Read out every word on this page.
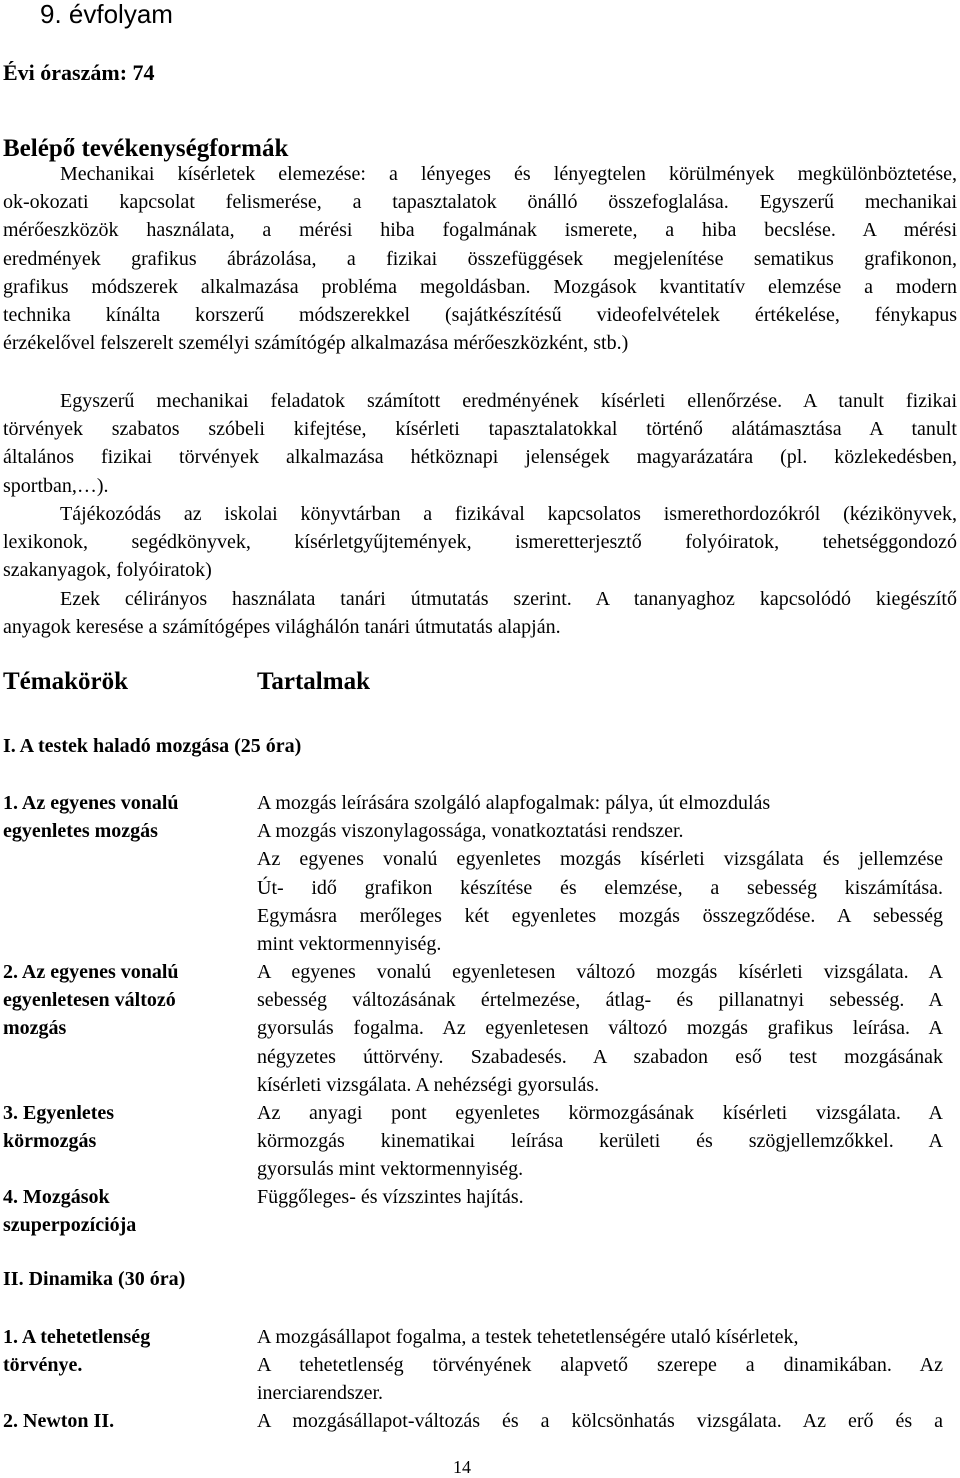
9. évfolyam
Évi óraszám: 74
Belépő tevékenységformák
Mechanikai kísérletek elemezése: a lényeges és lényegtelen körülmények megkülönböztetése,
ok-okozati kapcsolat felismerése, a tapasztalatok önálló összefoglalása. Egyszerű mechanikai
mérőeszközök használata, a mérési hiba fogalmának ismerete, a hiba becslése. A mérési
eredmények grafikus ábrázolása, a fizikai összefüggések megjelenítése sematikus grafikonon,
grafikus módszerek alkalmazása probléma megoldásban. Mozgások kvantitatív elemzése a modern
technika kínálta korszerű módszerekkel (sajátkészítésű videofelvételek értékelése, fénykapus
érzékelővel felszerelt személyi számítógép alkalmazása mérőeszközként, stb.)
Egyszerű mechanikai feladatok számított eredményének kísérleti ellenőrzése. A tanult fizikai
törvények szabatos szóbeli kifejtése, kísérleti tapasztalatokkal történő alátámasztása A tanult
általános fizikai törvények alkalmazása hétköznapi jelenségek magyarázatára (pl. közlekedésben,
sportban,…).
Tájékozódás az iskolai könyvtárban a fizikával kapcsolatos ismerethordozókról (kézikönyvek,
lexikonok, segédkönyvek, kísérletgyűjtemények, ismeretterjesztő folyóiratok, tehetséggondozó
szakanyagok, folyóiratok)
Ezek célirányos használata tanári útmutatás szerint. A tananyaghoz kapcsolódó kiegészítő
anyagok keresése a számítógépes világhálón tanári útmutatás alapján.
Témakörök	Tartalmak
I. A testek haladó mozgása (25 óra)
1. Az egyenes vonalú
egyenletes mozgás
A mozgás leírására szolgáló alapfogalmak: pálya, út elmozdulás
A mozgás viszonylagossága, vonatkoztatási rendszer.
Az egyenes vonalú egyenletes mozgás kísérleti vizsgálata és jellemzése
Út- idő grafikon készítése és elemzése, a sebesség kiszámítása.
Egymásra merőleges két egyenletes mozgás összegződése. A sebesség
mint vektormennyiség.
2. Az egyenes vonalú
egyenletesen változó
mozgás
A egyenes vonalú egyenletesen változó mozgás kísérleti vizsgálata. A
sebesség változásának értelmezése, átlag- és pillanatnyi sebesség. A
gyorsulás fogalma. Az egyenletesen változó mozgás grafikus leírása. A
négyzetes úttörvény. Szabadesés. A szabadon eső test mozgásának
kísérleti vizsgálata. A nehézségi gyorsulás.
3. Egyenletes
körmozgás
Az anyagi pont egyenletes körmozgásának kísérleti vizsgálata. A
körmozgás kinematikai leírása kerületi és szögjellemzőkkel. A
gyorsulás mint vektormennyiség.
4. Mozgások
szuperpozíciója
Függőleges- és vízszintes hajítás.
II. Dinamika (30 óra)
1. A tehetetlenség
törvénye.
A mozgásállapot fogalma, a testek tehetetlenségére utaló kísérletek,
A tehetetlenség törvényének alapvető szerepe a dinamikában. Az
inerciarendszer.
2. Newton II.	A mozgásállapot-változás és a kölcsönhatás vizsgálata. Az erő és a
14
